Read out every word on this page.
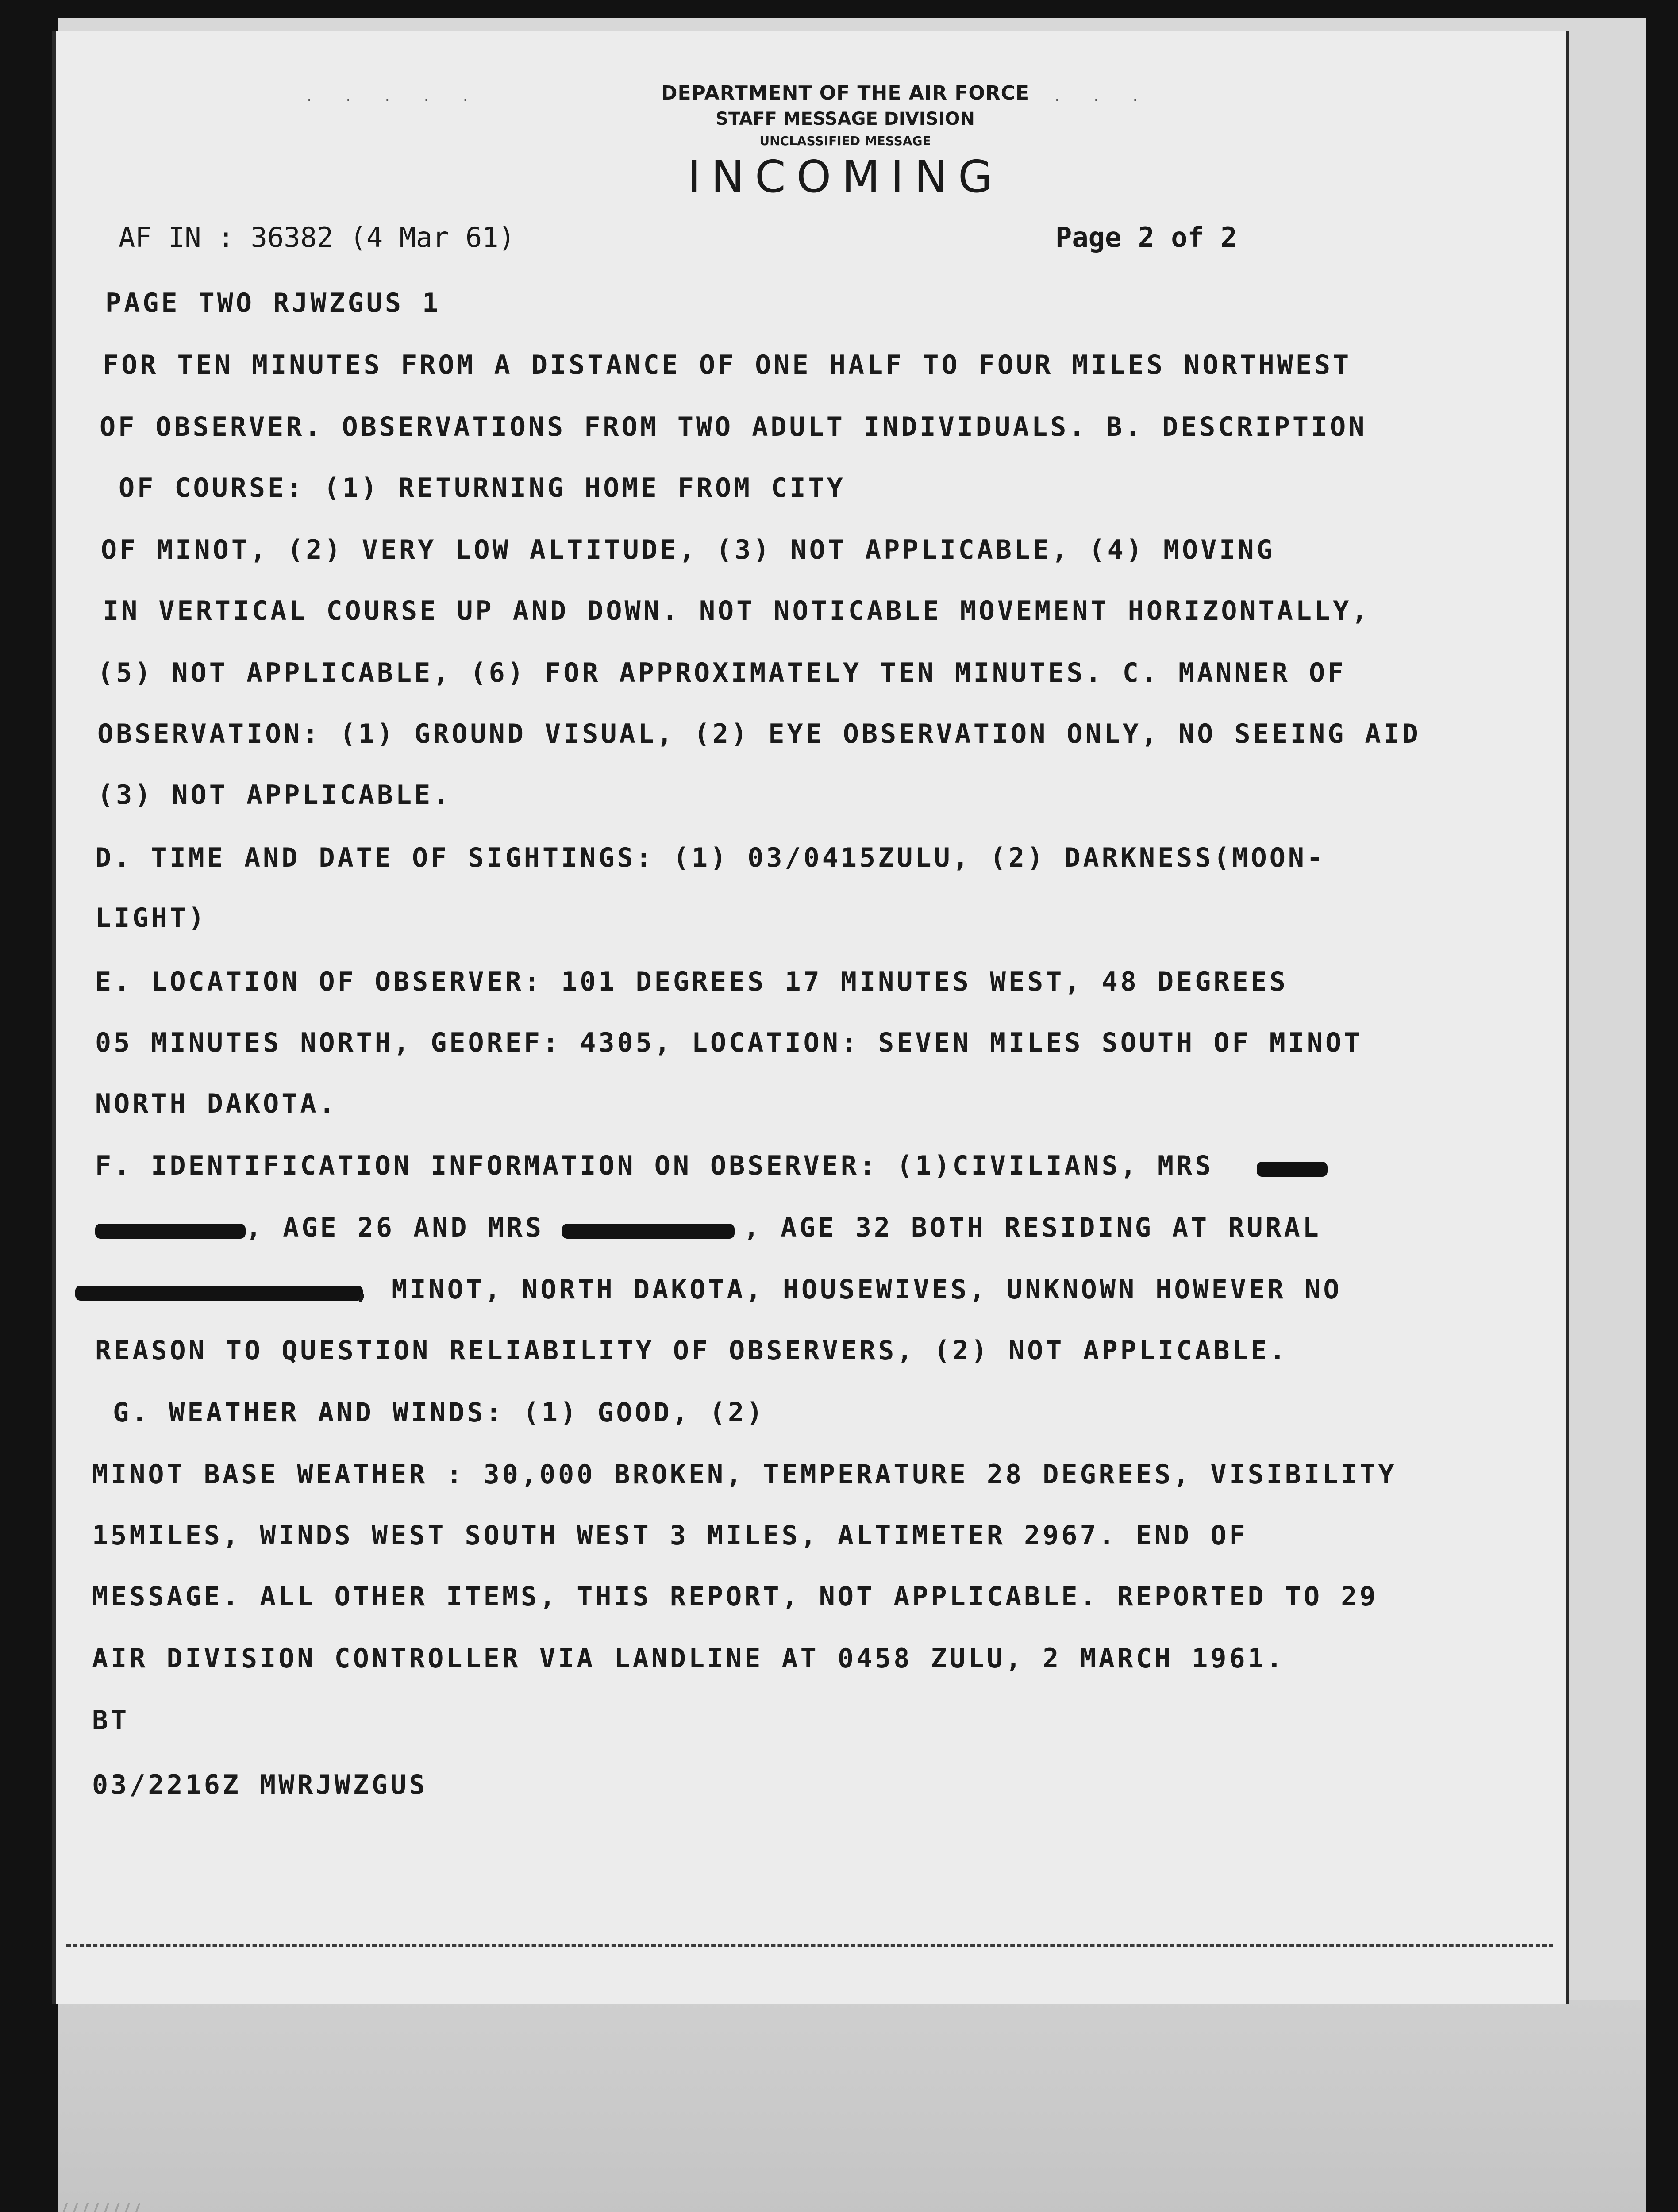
· · · · ·	· · ·
DEPARTMENT OF THE AIR FORCE
STAFF MESSAGE DIVISION
UNCLASSIFIED MESSAGE
INCOMING
AF IN : 36382 (4 Mar 61)	Page 2 of 2
PAGE TWO RJWZGUS 1
FOR TEN MINUTES FROM A DISTANCE OF ONE HALF TO FOUR MILES NORTHWEST
OF OBSERVER. OBSERVATIONS FROM TWO ADULT INDIVIDUALS. B. DESCRIPTION
OF COURSE: (1) RETURNING HOME FROM CITY
OF MINOT, (2) VERY LOW ALTITUDE, (3) NOT APPLICABLE, (4) MOVING
IN VERTICAL COURSE UP AND DOWN. NOT NOTICABLE MOVEMENT HORIZONTALLY,
(5) NOT APPLICABLE, (6) FOR APPROXIMATELY TEN MINUTES. C. MANNER OF
OBSERVATION: (1) GROUND VISUAL, (2) EYE OBSERVATION ONLY, NO SEEING AID
(3) NOT APPLICABLE.
D. TIME AND DATE OF SIGHTINGS: (1) 03/0415ZULU, (2) DARKNESS(MOON-
LIGHT)
E. LOCATION OF OBSERVER: 101 DEGREES 17 MINUTES WEST, 48 DEGREES
05 MINUTES NORTH, GEOREF: 4305, LOCATION: SEVEN MILES SOUTH OF MINOT
NORTH DAKOTA.
F. IDENTIFICATION INFORMATION ON OBSERVER: (1)CIVILIANS, MRS
, AGE 26 AND MRS	, AGE 32 BOTH RESIDING AT RURAL
, MINOT, NORTH DAKOTA, HOUSEWIVES, UNKNOWN HOWEVER NO
REASON TO QUESTION RELIABILITY OF OBSERVERS, (2) NOT APPLICABLE.
G. WEATHER AND WINDS: (1) GOOD, (2)
MINOT BASE WEATHER : 30,000 BROKEN, TEMPERATURE 28 DEGREES, VISIBILITY
15MILES, WINDS WEST SOUTH WEST 3 MILES, ALTIMETER 2967. END OF
MESSAGE. ALL OTHER ITEMS, THIS REPORT, NOT APPLICABLE. REPORTED TO 29
AIR DIVISION CONTROLLER VIA LANDLINE AT 0458 ZULU, 2 MARCH 1961.
BT
03/2216Z MWRJWZGUS
